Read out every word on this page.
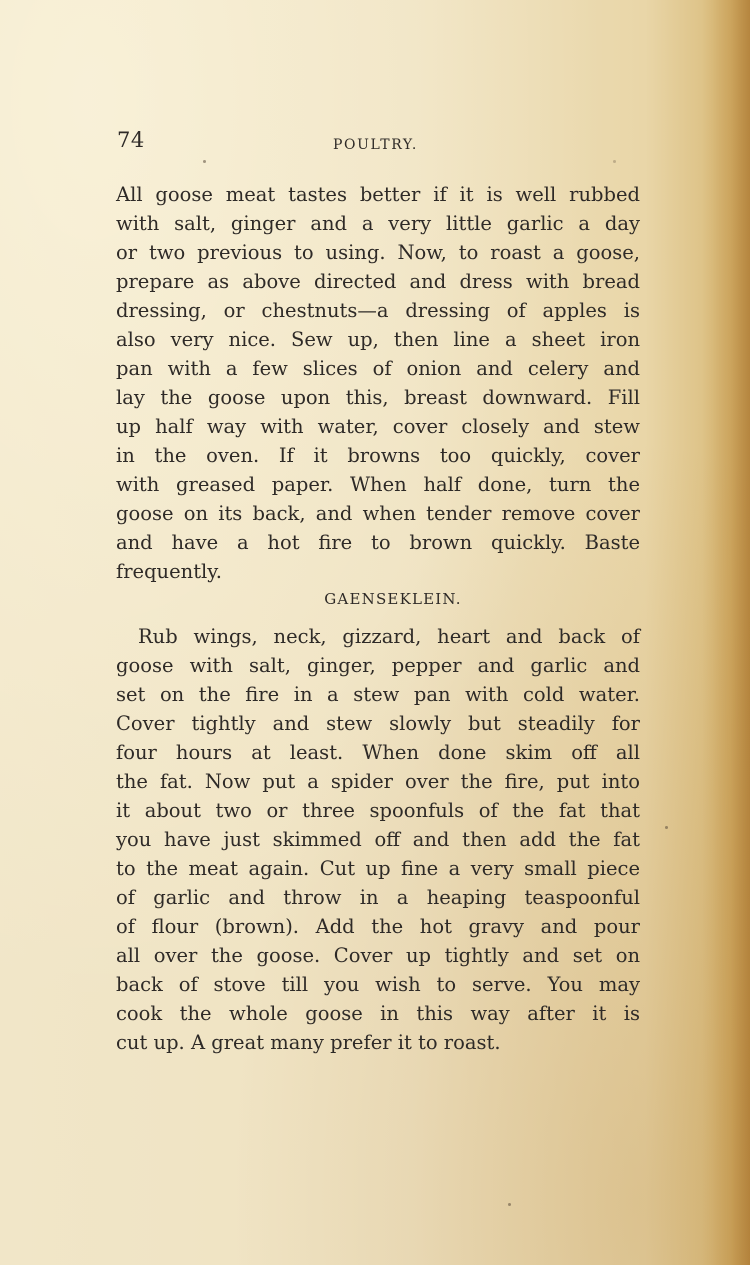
74	POULTRY.
All goose meat tastes better if it is well rubbed
with salt, ginger and a very little garlic a day
or two previous to using. Now, to roast a goose,
prepare as above directed and dress with bread
dressing, or chestnuts—a dressing of apples is
also very nice. Sew up, then line a sheet iron
pan with a few slices of onion and celery and
lay the goose upon this, breast downward. Fill
up half way with water, cover closely and stew
in the oven. If it browns too quickly, cover
with greased paper. When half done, turn the
goose on its back, and when tender remove cover
and have a hot fire to brown quickly. Baste
frequently.
GAENSEKLEIN.
Rub wings, neck, gizzard, heart and back of
goose with salt, ginger, pepper and garlic and
set on the fire in a stew pan with cold water.
Cover tightly and stew slowly but steadily for
four hours at least. When done skim off all
the fat. Now put a spider over the fire, put into
it about two or three spoonfuls of the fat that
you have just skimmed off and then add the fat
to the meat again. Cut up fine a very small piece
of garlic and throw in a heaping teaspoonful
of flour (brown). Add the hot gravy and pour
all over the goose. Cover up tightly and set on
back of stove till you wish to serve. You may
cook the whole goose in this way after it is
cut up. A great many prefer it to roast.
